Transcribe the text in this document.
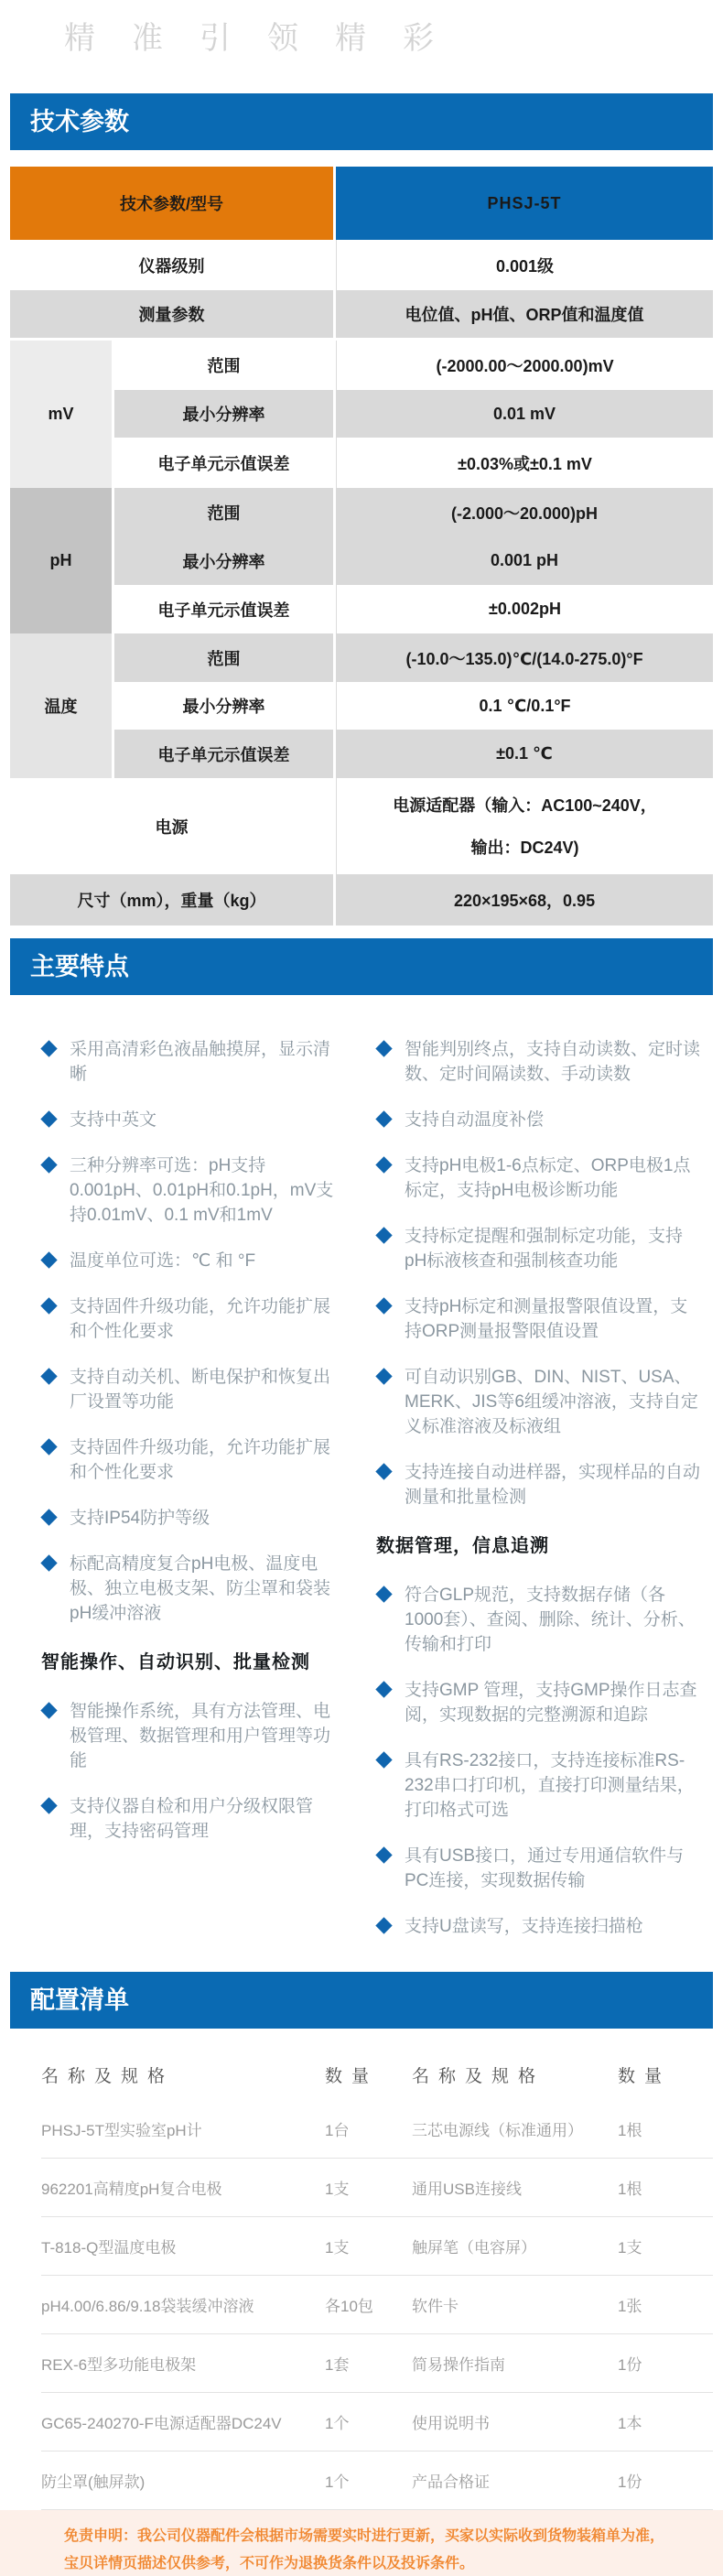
精准引领精彩
技术参数
技术参数/型号		PHSJ-5T
仪器级别		0.001级
测量参数		电位值、pH值、ORP值和温度值
mV	范围	(-2000.00～2000.00)mV
	最小分辨率	0.01 mV
	电子单元示值误差	±0.03%或±0.1 mV
pH	范围	(-2.000～20.000)pH
	最小分辨率	0.001 pH
	电子单元示值误差	±0.002pH
温度	范围	(-10.0～135.0)℃/(14.0-275.0)°F
	最小分辨率	0.1 ℃/0.1°F
	电子单元示值误差	±0.1 ℃
电源		电源适配器（输入：AC100~240V，
输出：DC24V)

尺寸（mm），重量（kg）		220×195×68，0.95
主要特点
采用高清彩色液晶触摸屏，显示清晰
支持中英文
三种分辨率可选：pH支持0.001pH、0.01pH和0.1pH，mV支持0.01mV、0.1 mV和1mV
温度单位可选：℃ 和 °F
支持固件升级功能，允许功能扩展和个性化要求
支持自动关机、断电保护和恢复出厂设置等功能
支持固件升级功能，允许功能扩展和个性化要求
支持IP54防护等级
标配高精度复合pH电极、温度电极、独立电极支架、防尘罩和袋装pH缓冲溶液
智能操作、自动识别、批量检测
智能操作系统，具有方法管理、电极管理、数据管理和用户管理等功能
支持仪器自检和用户分级权限管理，支持密码管理
智能判别终点，支持自动读数、定时读数、定时间隔读数、手动读数
支持自动温度补偿
支持pH电极1-6点标定、ORP电极1点标定，支持pH电极诊断功能
支持标定提醒和强制标定功能，支持pH标液核查和强制核查功能
支持pH标定和测量报警限值设置，支持ORP测量报警限值设置
可自动识别GB、DIN、NIST、USA、MERK、JIS等6组缓冲溶液，支持自定义标准溶液及标液组
支持连接自动进样器，实现样品的自动测量和批量检测
数据管理，信息追溯
符合GLP规范，支持数据存储（各1000套）、查阅、删除、统计、分析、传输和打印
支持GMP 管理，支持GMP操作日志查阅，实现数据的完整溯源和追踪
具有RS-232接口，支持连接标准RS-232串口打印机，直接打印测量结果，打印格式可选
具有USB接口，通过专用通信软件与PC连接，实现数据传输
支持U盘读写，支持连接扫描枪
配置清单
名称及规格	数量	名称及规格	数量
PHSJ-5T型实验室pH计	1台	三芯电源线（标准通用）	1根
962201高精度pH复合电极	1支	通用USB连接线	1根
T-818-Q型温度电极	1支	触屏笔（电容屏）	1支
pH4.00/6.86/9.18袋装缓冲溶液	各10包	软件卡	1张
REX-6型多功能电极架	1套	简易操作指南	1份
GC65-240270-F电源适配器DC24V	1个	使用说明书	1本
防尘罩(触屏款)	1个	产品合格证	1份
免责申明：我公司仪器配件会根据市场需要实时进行更新，买家以实际收到货物装箱单为准，宝贝详情页描述仅供参考，不可作为退换货条件以及投诉条件。
